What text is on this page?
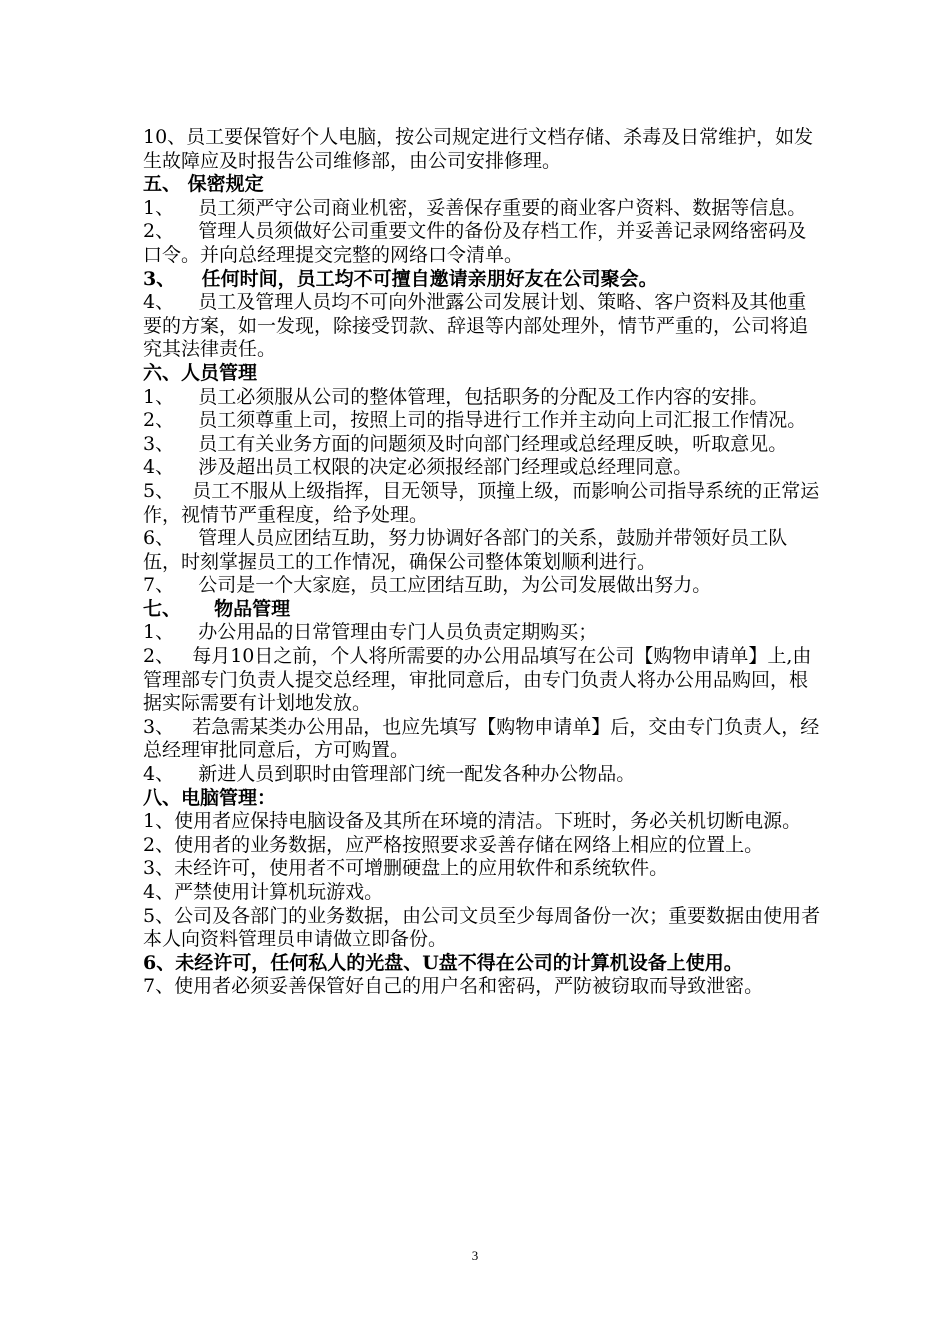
10、员工要保管好个人电脑，按公司规定进行文档存储、杀毒及日常维护，如发生故障应及时报告公司维修部，由公司安排修理。

五、 保密规定

1、    员工须严守公司商业机密，妥善保存重要的商业客户资料、数据等信息。

2、    管理人员须做好公司重要文件的备份及存档工作，并妥善记录网络密码及口令。并向总经理提交完整的网络口令清单。

3、    任何时间，员工均不可擅自邀请亲朋好友在公司聚会。

4、    员工及管理人员均不可向外泄露公司发展计划、策略、客户资料及其他重要的方案，如一发现，除接受罚款、辞退等内部处理外，情节严重的，公司将追究其法律责任。

六、人员管理

1、    员工必须服从公司的整体管理，包括职务的分配及工作内容的安排。

2、    员工须尊重上司，按照上司的指导进行工作并主动向上司汇报工作情况。

3、    员工有关业务方面的问题须及时向部门经理或总经理反映，听取意见。

4、    涉及超出员工权限的决定必须报经部门经理或总经理同意。

5、   员工不服从上级指挥，目无领导，顶撞上级，而影响公司指导系统的正常运作，视情节严重程度，给予处理。

6、    管理人员应团结互助，努力协调好各部门的关系，鼓励并带领好员工队伍，时刻掌握员工的工作情况，确保公司整体策划顺利进行。

7、    公司是一个大家庭，员工应团结互助，为公司发展做出努力。

七、     物品管理

1、    办公用品的日常管理由专门人员负责定期购买；

2、   每月10日之前，个人将所需要的办公用品填写在公司【购物申请单】上,由管理部专门负责人提交总经理，审批同意后，由专门负责人将办公用品购回，根据实际需要有计划地发放。

3、   若急需某类办公用品，也应先填写【购物申请单】后，交由专门负责人，经总经理审批同意后，方可购置。

4、    新进人员到职时由管理部门统一配发各种办公物品。

八、电脑管理：

1、使用者应保持电脑设备及其所在环境的清洁。下班时，务必关机切断电源。

2、使用者的业务数据，应严格按照要求妥善存储在网络上相应的位置上。

3、未经许可，使用者不可增删硬盘上的应用软件和系统软件。

4、严禁使用计算机玩游戏。

5、公司及各部门的业务数据，由公司文员至少每周备份一次；重要数据由使用者本人向资料管理员申请做立即备份。

6、未经许可，任何私人的光盘、U盘不得在公司的计算机设备上使用。

7、使用者必须妥善保管好自己的用户名和密码，严防被窃取而导致泄密。

3
